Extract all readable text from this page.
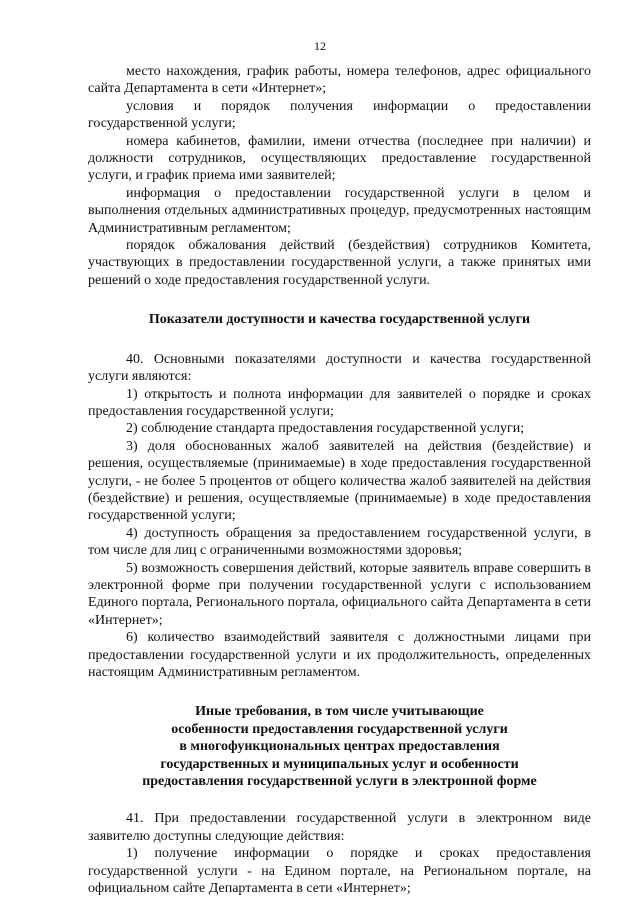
12

место нахождения, график работы, номера телефонов, адрес официального сайта Департамента в сети «Интернет»;

условия и порядок получения информации о предоставлении государственной услуги;

номера кабинетов, фамилии, имени отчества (последнее при наличии) и должности сотрудников, осуществляющих предоставление государственной услуги, и график приема ими заявителей;

информация о предоставлении государственной услуги в целом и выполнения отдельных административных процедур, предусмотренных настоящим Административным регламентом;

порядок обжалования действий (бездействия) сотрудников Комитета, участвующих в предоставлении государственной услуги, а также принятых ими решений о ходе предоставления государственной услуги.

Показатели доступности и качества государственной услуги

40. Основными показателями доступности и качества государственной услуги являются:

1) открытость и полнота информации для заявителей о порядке и сроках предоставления государственной услуги;

2) соблюдение стандарта предоставления государственной услуги;

3) доля обоснованных жалоб заявителей на действия (бездействие) и решения, осуществляемые (принимаемые) в ходе предоставления государственной услуги, - не более 5 процентов от общего количества жалоб заявителей на действия (бездействие) и решения, осуществляемые (принимаемые) в ходе предоставления государственной услуги;

4) доступность обращения за предоставлением государственной услуги, в том числе для лиц с ограниченными возможностями здоровья;

5) возможность совершения действий, которые заявитель вправе совершить в электронной форме при получении государственной услуги с использованием Единого портала, Регионального портала, официального сайта Департамента в сети «Интернет»;

6) количество взаимодействий заявителя с должностными лицами при предоставлении государственной услуги и их продолжительность, определенных настоящим Административным регламентом.

Иные требования, в том числе учитывающие

особенности предоставления государственной услуги

в многофункциональных центрах предоставления

государственных и муниципальных услуг и особенности

предоставления государственной услуги в электронной форме

41. При предоставлении государственной услуги в электронном виде заявителю доступны следующие действия:

1) получение информации о порядке и сроках предоставления государственной услуги - на Едином портале, на Региональном портале, на официальном сайте Департамента в сети «Интернет»;
